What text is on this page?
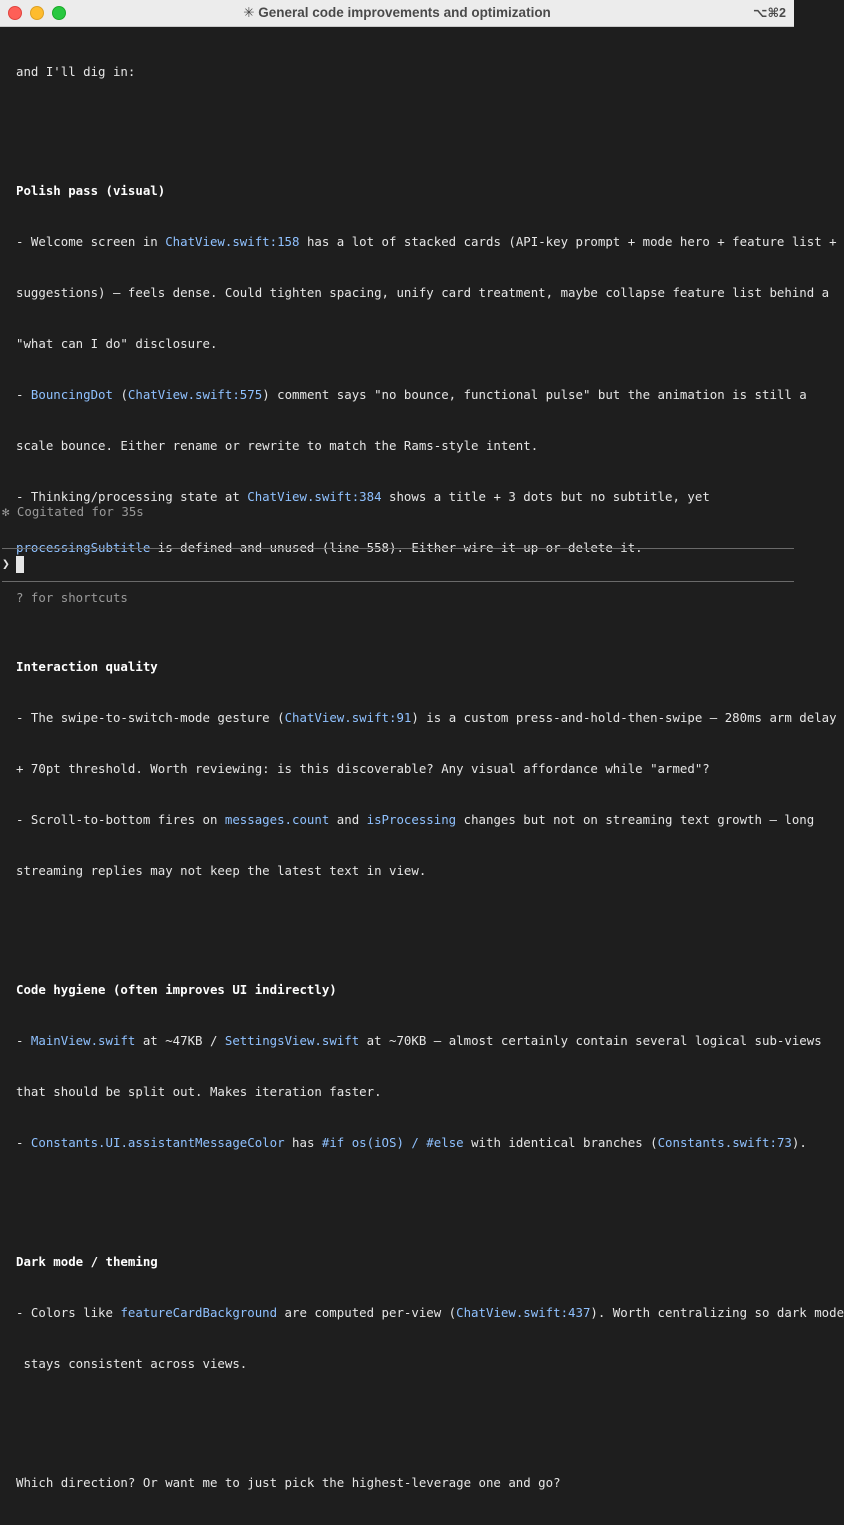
✳ General code improvements and optimization	⌥⌘2

and I'll dig in:

Polish pass (visual)

- Welcome screen in ChatView.swift:158 has a lot of stacked cards (API-key prompt + mode hero + feature list +

suggestions) — feels dense. Could tighten spacing, unify card treatment, maybe collapse feature list behind a

"what can I do" disclosure.

- BouncingDot (ChatView.swift:575) comment says "no bounce, functional pulse" but the animation is still a

scale bounce. Either rename or rewrite to match the Rams-style intent.

- Thinking/processing state at ChatView.swift:384 shows a title + 3 dots but no subtitle, yet

processingSubtitle is defined and unused (line 558). Either wire it up or delete it.

Interaction quality

- The swipe-to-switch-mode gesture (ChatView.swift:91) is a custom press-and-hold-then-swipe — 280ms arm delay

+ 70pt threshold. Worth reviewing: is this discoverable? Any visual affordance while "armed"?

- Scroll-to-bottom fires on messages.count and isProcessing changes but not on streaming text growth — long

streaming replies may not keep the latest text in view.

Code hygiene (often improves UI indirectly)

- MainView.swift at ~47KB / SettingsView.swift at ~70KB — almost certainly contain several logical sub-views

that should be split out. Makes iteration faster.

- Constants.UI.assistantMessageColor has #if os(iOS) / #else with identical branches (Constants.swift:73).

Dark mode / theming

- Colors like featureCardBackground are computed per-view (ChatView.swift:437). Worth centralizing so dark mode

stays consistent across views.

Which direction? Or want me to just pick the highest-leverage one and go?

✻ Cogitated for 35s
❯
? for shortcuts
